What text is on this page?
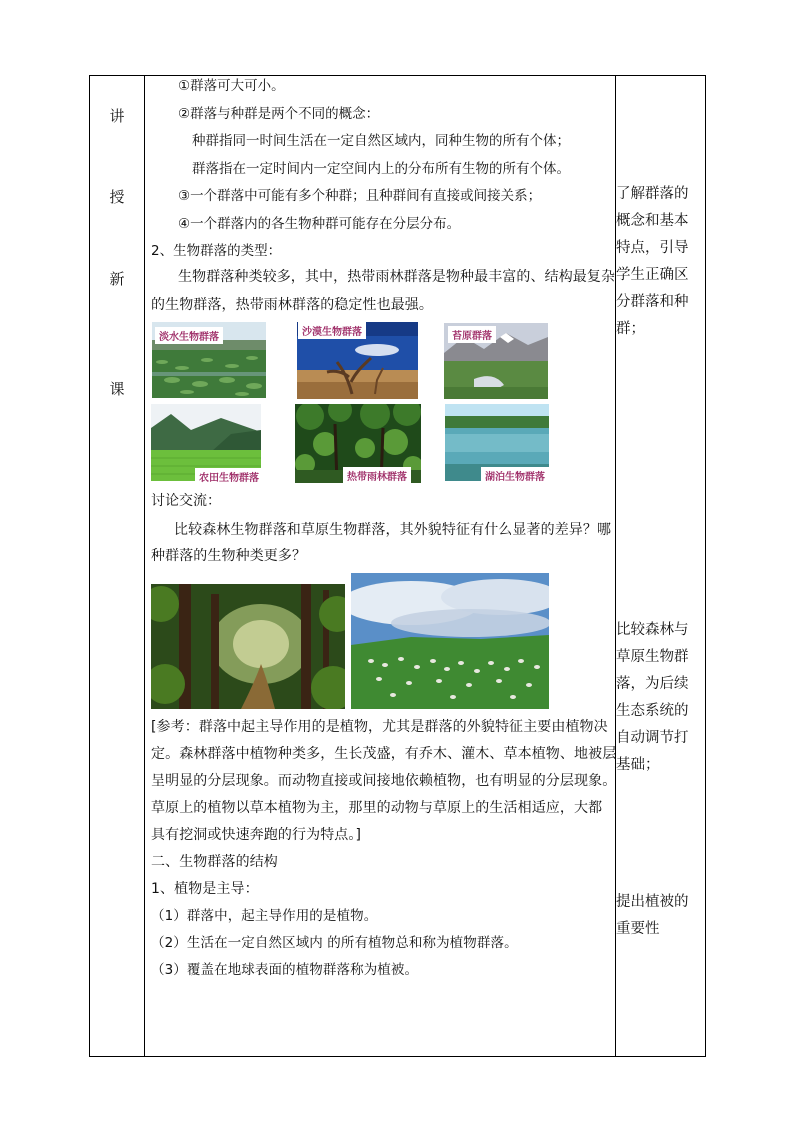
讲
授
新
课
①群落可大可小。
②群落与种群是两个不同的概念：
种群指同一时间生活在一定自然区域内，同种生物的所有个体；
群落指在一定时间内一定空间内上的分布所有生物的所有个体。
③一个群落中可能有多个种群；且种群间有直接或间接关系；
④一个群落内的各生物种群可能存在分层分布。
2、生物群落的类型：
生物群落种类较多，其中，热带雨林群落是物种最丰富的、结构最复杂
的生物群落，热带雨林群落的稳定性也最强。
淡水生物群落	沙漠生物群落	苔原群落
农田生物群落	热带雨林群落	湖泊生物群落
讨论交流：
比较森林生物群落和草原生物群落，其外貌特征有什么显著的差异？哪
种群落的生物种类更多？
[参考：群落中起主导作用的是植物，尤其是群落的外貌特征主要由植物决
定。森林群落中植物种类多，生长茂盛，有乔木、灌木、草本植物、地被层
呈明显的分层现象。而动物直接或间接地依赖植物，也有明显的分层现象。
草原上的植物以草本植物为主，那里的动物与草原上的生活相适应，大都
具有挖洞或快速奔跑的行为特点。]
二、生物群落的结构
1、植物是主导：
（1）群落中，起主导作用的是植物。
（2）生活在一定自然区域内 的所有植物总和称为植物群落。
（3）覆盖在地球表面的植物群落称为植被。
了解群落的
概念和基本
特点，引导
学生正确区
分群落和种
群；
比较森林与
草原生物群
落，为后续
生态系统的
自动调节打
基础；
提出植被的
重要性
